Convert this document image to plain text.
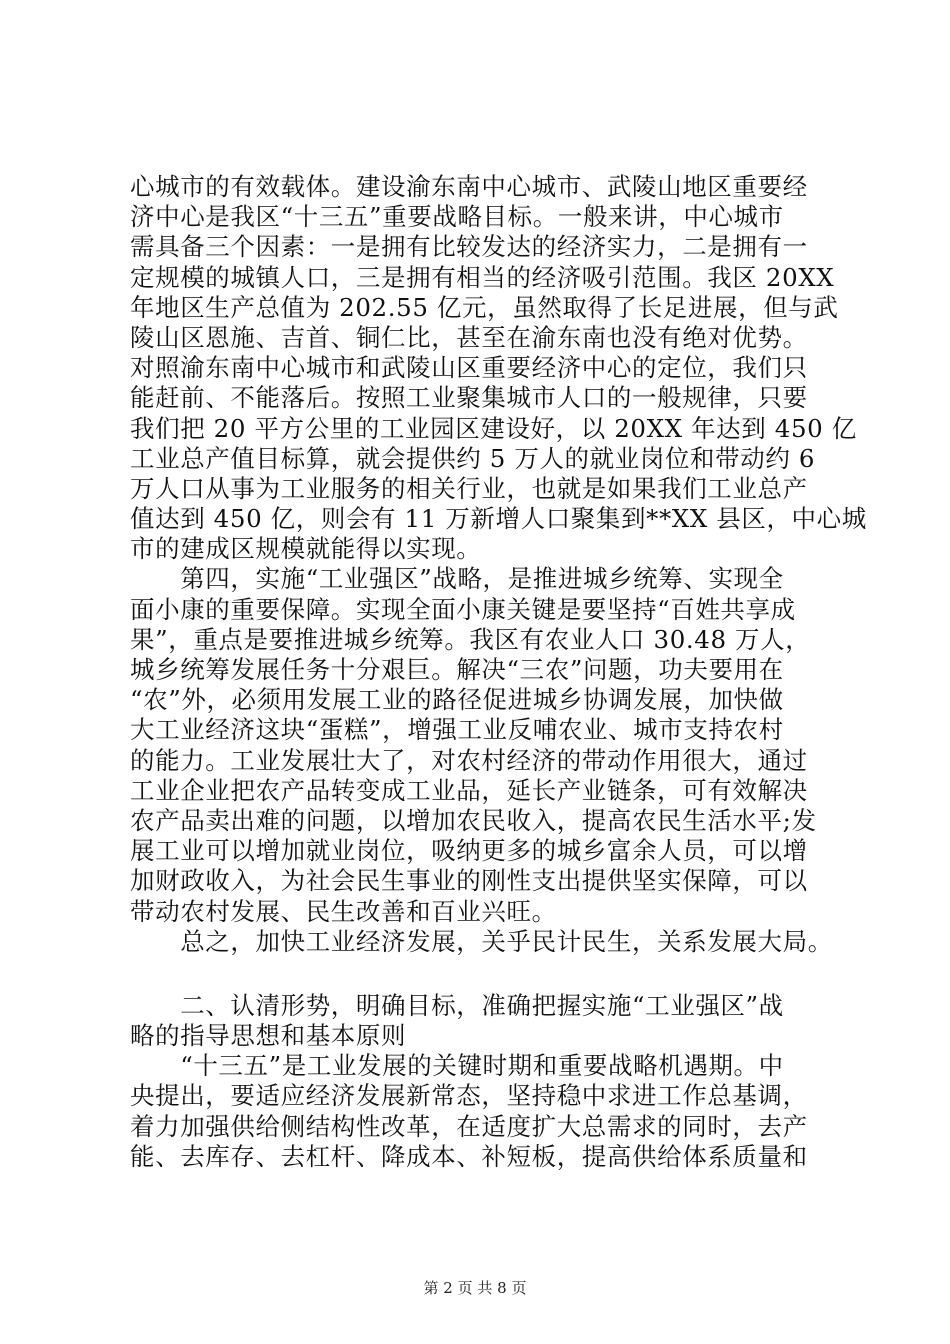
心城市的有效载体。建设渝东南中心城市、武陵山地区重要经
济中心是我区“十三五”重要战略目标。一般来讲，中心城市
需具备三个因素：一是拥有比较发达的经济实力，二是拥有一
定规模的城镇人口，三是拥有相当的经济吸引范围。我区 20XX
年地区生产总值为 202.55 亿元，虽然取得了长足进展，但与武
陵山区恩施、吉首、铜仁比，甚至在渝东南也没有绝对优势。
对照渝东南中心城市和武陵山区重要经济中心的定位，我们只
能赶前、不能落后。按照工业聚集城市人口的一般规律，只要
我们把 20 平方公里的工业园区建设好，以 20XX 年达到 450 亿
工业总产值目标算，就会提供约 5 万人的就业岗位和带动约 6
万人口从事为工业服务的相关行业，也就是如果我们工业总产
值达到 450 亿，则会有 11 万新增人口聚集到**XX 县区，中心城
市的建成区规模就能得以实现。
　　第四，实施“工业强区”战略，是推进城乡统筹、实现全
面小康的重要保障。实现全面小康关键是要坚持“百姓共享成
果”，重点是要推进城乡统筹。我区有农业人口 30.48 万人，
城乡统筹发展任务十分艰巨。解决“三农”问题，功夫要用在
“农”外，必须用发展工业的路径促进城乡协调发展，加快做
大工业经济这块“蛋糕”，增强工业反哺农业、城市支持农村
的能力。工业发展壮大了，对农村经济的带动作用很大，通过
工业企业把农产品转变成工业品，延长产业链条，可有效解决
农产品卖出难的问题，以增加农民收入，提高农民生活水平;发
展工业可以增加就业岗位，吸纳更多的城乡富余人员，可以增
加财政收入，为社会民生事业的刚性支出提供坚实保障，可以
带动农村发展、民生改善和百业兴旺。
　　总之，加快工业经济发展，关乎民计民生，关系发展大局。
　　二、认清形势，明确目标，准确把握实施“工业强区”战
略的指导思想和基本原则
　　“十三五”是工业发展的关键时期和重要战略机遇期。中
央提出，要适应经济发展新常态，坚持稳中求进工作总基调，
着力加强供给侧结构性改革，在适度扩大总需求的同时，去产
能、去库存、去杠杆、降成本、补短板，提高供给体系质量和
第 2 页 共 8 页
